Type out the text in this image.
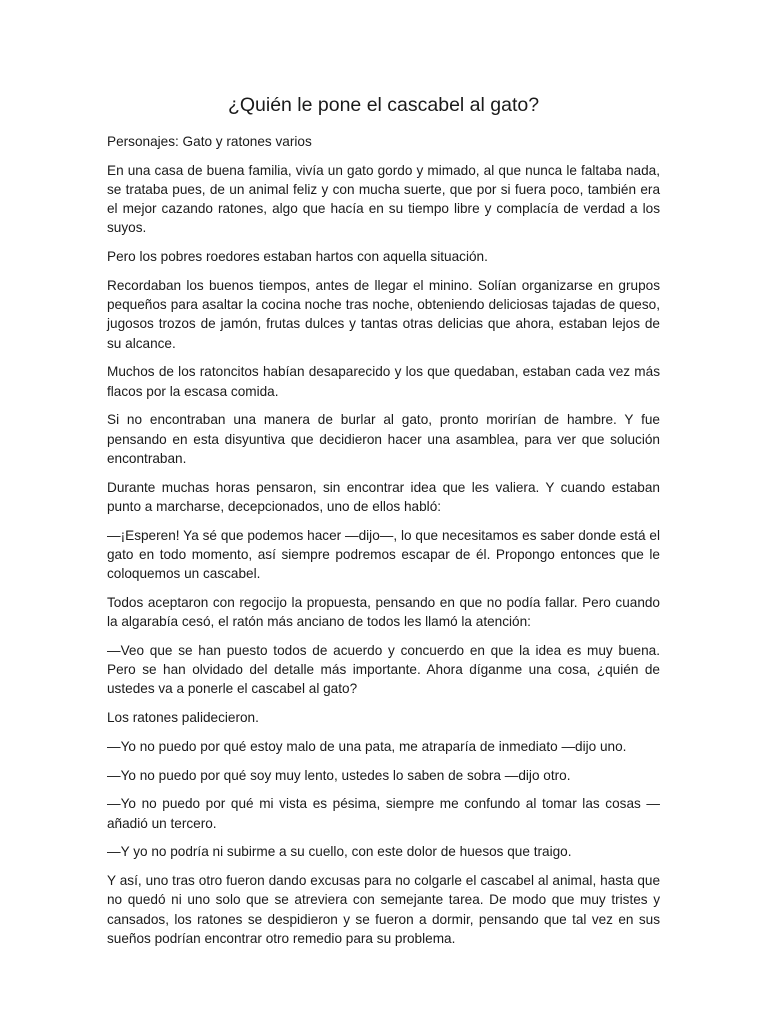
¿Quién le pone el cascabel al gato?

Personajes: Gato y ratones varios

En una casa de buena familia, vivía un gato gordo y mimado, al que nunca le faltaba nada, se trataba pues, de un animal feliz y con mucha suerte, que por si fuera poco, también era el mejor cazando ratones, algo que hacía en su tiempo libre y complacía de verdad a los suyos.

Pero los pobres roedores estaban hartos con aquella situación.

Recordaban los buenos tiempos, antes de llegar el minino. Solían organizarse en grupos pequeños para asaltar la cocina noche tras noche, obteniendo deliciosas tajadas de queso, jugosos trozos de jamón, frutas dulces y tantas otras delicias que ahora, estaban lejos de su alcance.

Muchos de los ratoncitos habían desaparecido y los que quedaban, estaban cada vez más flacos por la escasa comida.

Si no encontraban una manera de burlar al gato, pronto morirían de hambre. Y fue pensando en esta disyuntiva que decidieron hacer una asamblea, para ver que solución encontraban.

Durante muchas horas pensaron, sin encontrar idea que les valiera. Y cuando estaban punto a marcharse, decepcionados, uno de ellos habló:

—¡Esperen! Ya sé que podemos hacer —dijo—, lo que necesitamos es saber donde está el gato en todo momento, así siempre podremos escapar de él. Propongo entonces que le coloquemos un cascabel.

Todos aceptaron con regocijo la propuesta, pensando en que no podía fallar. Pero cuando la algarabía cesó, el ratón más anciano de todos les llamó la atención:

—Veo que se han puesto todos de acuerdo y concuerdo en que la idea es muy buena. Pero se han olvidado del detalle más importante. Ahora díganme una cosa, ¿quién de ustedes va a ponerle el cascabel al gato?

Los ratones palidecieron.

—Yo no puedo por qué estoy malo de una pata, me atraparía de inmediato —dijo uno.

—Yo no puedo por qué soy muy lento, ustedes lo saben de sobra —dijo otro.

—Yo no puedo por qué mi vista es pésima, siempre me confundo al tomar las cosas —añadió un tercero.

—Y yo no podría ni subirme a su cuello, con este dolor de huesos que traigo.

Y así, uno tras otro fueron dando excusas para no colgarle el cascabel al animal, hasta que no quedó ni uno solo que se atreviera con semejante tarea. De modo que muy tristes y cansados, los ratones se despidieron y se fueron a dormir, pensando que tal vez en sus sueños podrían encontrar otro remedio para su problema.
